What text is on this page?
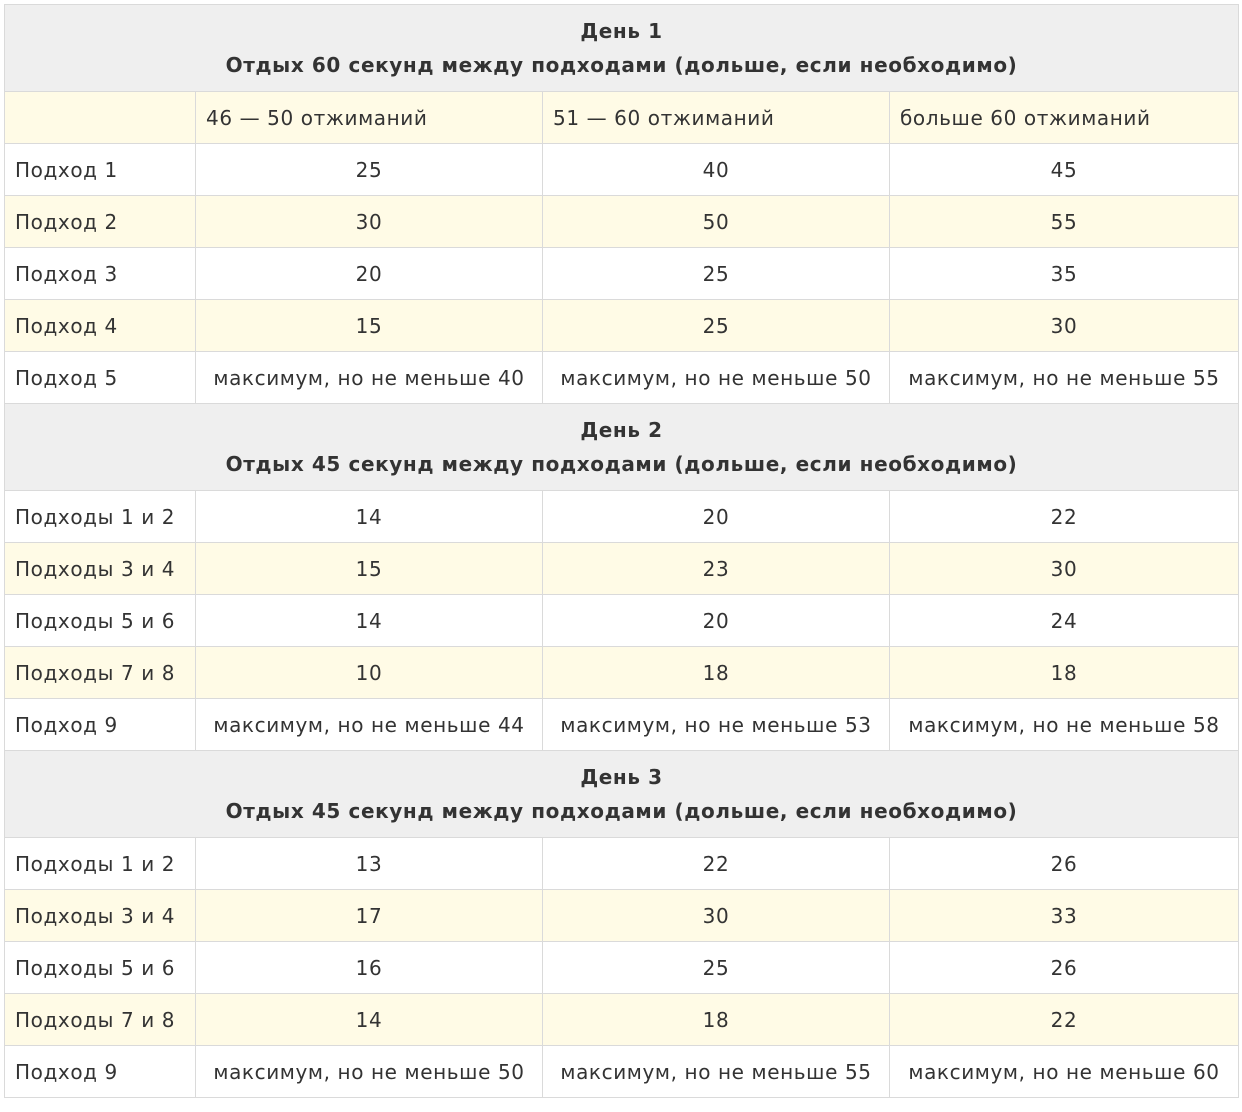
День 1
Отдых 60 секунд между подходами (дольше, если необходимо)			

	46 — 50 отжиманий	51 — 60 отжиманий	больше 60 отжиманий
Подход 1	25	40	45
Подход 2	30	50	55
Подход 3	20	25	35
Подход 4	15	25	30
Подход 5	максимум, но не меньше 40	максимум, но не меньше 50	максимум, но не меньше 55

День 2
Отдых 45 секунд между подходами (дольше, если необходимо)			

Подходы 1 и 2	14	20	22
Подходы 3 и 4	15	23	30
Подходы 5 и 6	14	20	24
Подходы 7 и 8	10	18	18
Подход 9	максимум, но не меньше 44	максимум, но не меньше 53	максимум, но не меньше 58

День 3
Отдых 45 секунд между подходами (дольше, если необходимо)			

Подходы 1 и 2	13	22	26
Подходы 3 и 4	17	30	33
Подходы 5 и 6	16	25	26
Подходы 7 и 8	14	18	22
Подход 9	максимум, но не меньше 50	максимум, но не меньше 55	максимум, но не меньше 60
